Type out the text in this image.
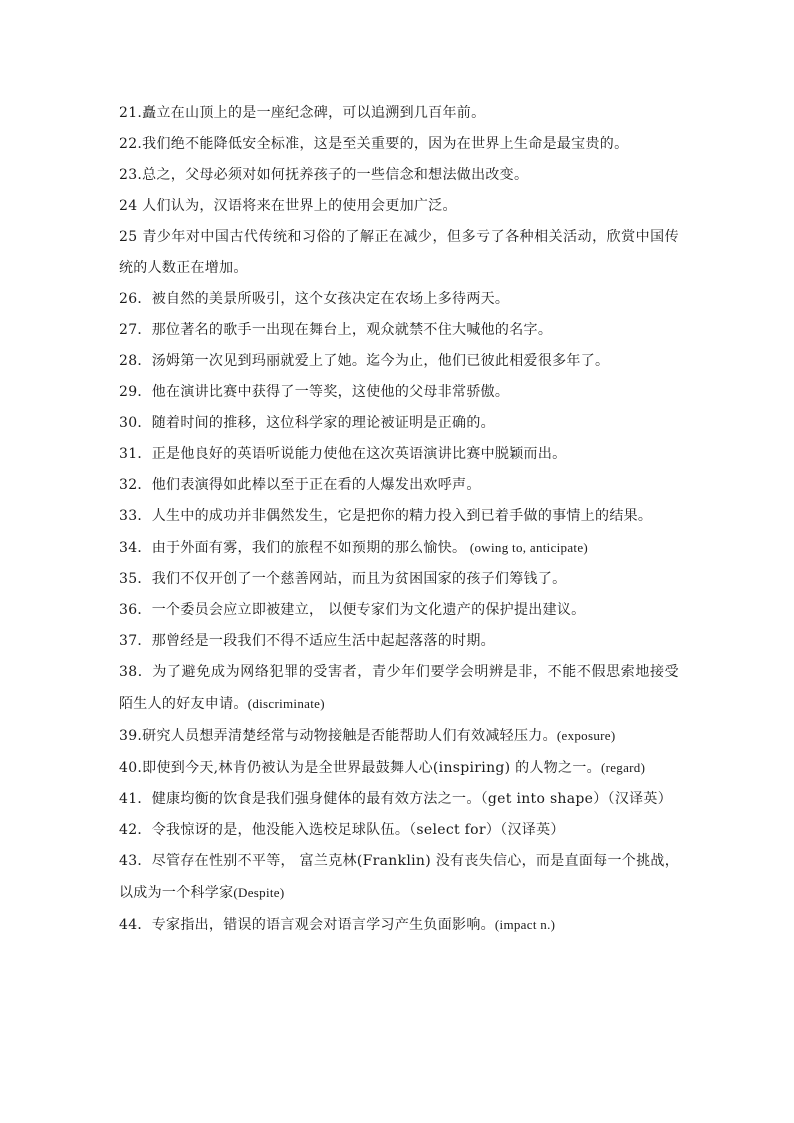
21.矗立在山顶上的是一座纪念碑，可以追溯到几百年前。

22.我们绝不能降低安全标准，这是至关重要的，因为在世界上生命是最宝贵的。

23.总之，父母必须对如何抚养孩子的一些信念和想法做出改变。

24 人们认为，汉语将来在世界上的使用会更加广泛。

25 青少年对中国古代传统和习俗的了解正在减少，但多亏了各种相关活动，欣赏中国传统的人数正在增加。

26．被自然的美景所吸引，这个女孩决定在农场上多待两天。

27．那位著名的歌手一出现在舞台上，观众就禁不住大喊他的名字。

28．汤姆第一次见到玛丽就爱上了她。迄今为止，他们已彼此相爱很多年了。

29．他在演讲比赛中获得了一等奖，这使他的父母非常骄傲。

30．随着时间的推移，这位科学家的理论被证明是正确的。

31．正是他良好的英语听说能力使他在这次英语演讲比赛中脱颖而出。

32．他们表演得如此棒以至于正在看的人爆发出欢呼声。

33．人生中的成功并非偶然发生，它是把你的精力投入到已着手做的事情上的结果。

34．由于外面有雾，我们的旅程不如预期的那么愉快。 (owing to, anticipate)

35．我们不仅开创了一个慈善网站，而且为贫困国家的孩子们筹钱了。

36．一个委员会应立即被建立， 以便专家们为文化遗产的保护提出建议。

37．那曾经是一段我们不得不适应生活中起起落落的时期。

38．为了避免成为网络犯罪的受害者，青少年们要学会明辨是非，不能不假思索地接受陌生人的好友申请。(discriminate)

39.研究人员想弄清楚经常与动物接触是否能帮助人们有效减轻压力。(exposure)

40.即使到今天,林肯仍被认为是全世界最鼓舞人心(inspiring) 的人物之一。(regard)

41．健康均衡的饮食是我们强身健体的最有效方法之一。（get into shape）（汉译英）

42．令我惊讶的是，他没能入选校足球队伍。（select for）（汉译英）

43．尽管存在性别不平等， 富兰克林(Franklin) 没有丧失信心，而是直面每一个挑战，以成为一个科学家(Despite)

44．专家指出，错误的语言观会对语言学习产生负面影响。(impact n.)
